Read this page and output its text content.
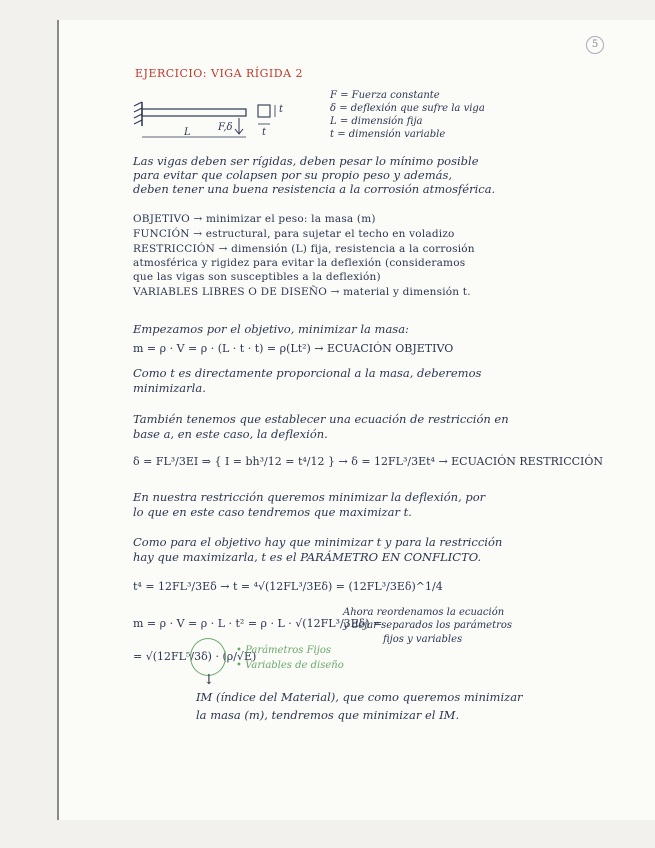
5
EJERCICIO: VIGA RÍGIDA 2
L	F,δ
t
t
F = Fuerza constante
δ = deflexión que sufre la viga
L = dimensión fija
t = dimensión variable
Las vigas deben ser rígidas, deben pesar lo mínimo posible
para evitar que colapsen por su propio peso y además,
deben tener una buena resistencia a la corrosión atmosférica.
OBJETIVO → minimizar el peso: la masa (m)
FUNCIÓN → estructural, para sujetar el techo en voladizo
RESTRICCIÓN → dimensión (L) fija, resistencia a la corrosión
atmosférica y rigidez para evitar la deflexión (consideramos
que las vigas son susceptibles a la deflexión)
VARIABLES LIBRES O DE DISEÑO → material y dimensión t.
Empezamos por el objetivo, minimizar la masa:
m = ρ · V = ρ · (L · t · t) = ρ(Lt²) → ECUACIÓN OBJETIVO
Como t es directamente proporcional a la masa, deberemos
minimizarla.
También tenemos que establecer una ecuación de restricción en
base a, en este caso, la deflexión.
δ = FL³/3EI ⇒ { I = bh³/12 = t⁴/12 } → δ = 12FL³/3Et⁴ → ECUACIÓN RESTRICCIÓN
En nuestra restricción queremos minimizar la deflexión, por
lo que en este caso tendremos que maximizar t.
Como para el objetivo hay que minimizar t y para la restricción
hay que maximizarla, t es el PARÁMETRO EN CONFLICTO.
t⁴ = 12FL³/3Eδ → t = ⁴√(12FL³/3Eδ) = (12FL³/3Eδ)^1/4
m = ρ · V = ρ · L · t² = ρ · L · √(12FL³/3Eδ) =
Ahora reordenamos la ecuación
y dejar separados los parámetros
fijos y variables
= √(12FL⁵/3δ) · (ρ/√E)
• Parámetros Fijos
• Variables de diseño
↓
IM (índice del Material), que como queremos minimizar
la masa (m), tendremos que minimizar el IM.
